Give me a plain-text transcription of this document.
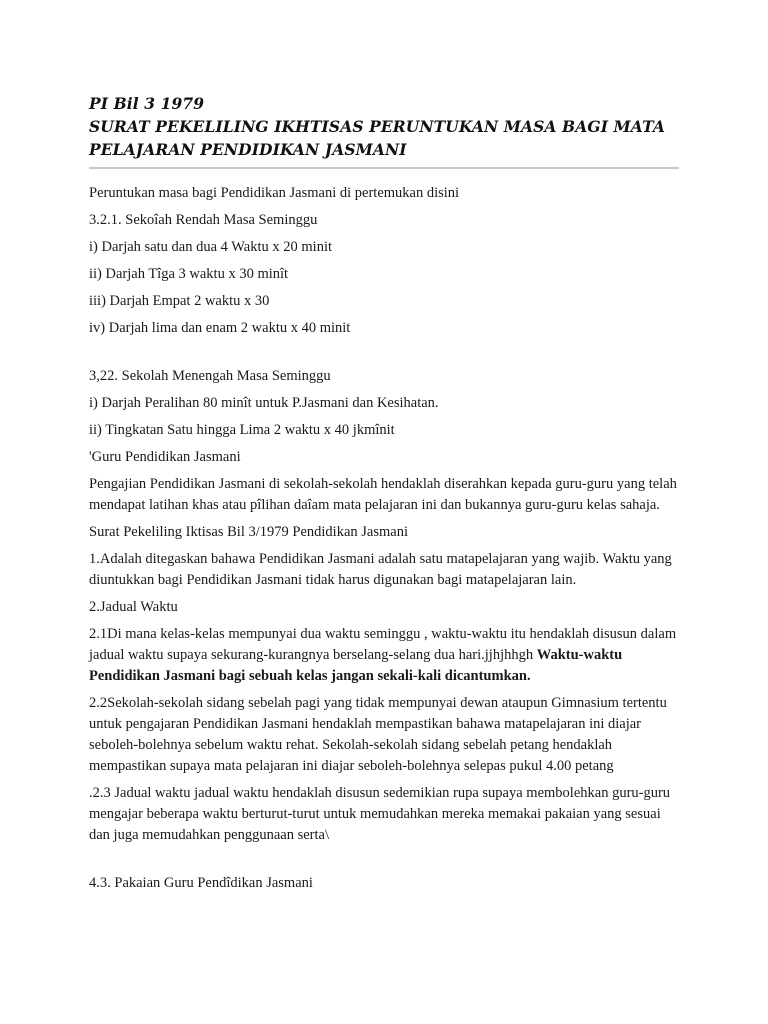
PI Bil 3 1979
SURAT PEKELILING IKHTISAS PERUNTUKAN MASA BAGI MATA
PELAJARAN PENDIDIKAN JASMANI

Peruntukan masa bagi Pendidikan Jasmani di pertemukan disini

3.2.1. Sekoîah Rendah Masa Seminggu

i) Darjah satu dan dua 4 Waktu x 20 minit

ii) Darjah Tîga 3 waktu x 30 minît

iii) Darjah Empat 2 waktu x 30

iv) Darjah lima dan enam 2 waktu x 40 minit

3,22. Sekolah Menengah Masa Seminggu

i) Darjah Peralihan 80 minît untuk P.Jasmani dan Kesihatan.

ii) Tingkatan Satu hingga Lima 2 waktu x 40 jkmînit

'Guru Pendidikan Jasmani

Pengajian Pendidikan Jasmani di sekolah-sekolah hendaklah diserahkan kepada guru-guru yang telah mendapat latihan khas atau pîlihan daîam mata pelajaran ini dan bukannya guru-guru kelas sahaja.

Surat Pekeliling Iktisas Bil 3/1979 Pendidikan Jasmani

1.Adalah ditegaskan bahawa Pendidikan Jasmani adalah satu matapelajaran yang wajib. Waktu yang diuntukkan bagi Pendidikan Jasmani tidak harus digunakan bagi matapelajaran lain.

2.Jadual Waktu

2.1Di mana kelas-kelas mempunyai dua waktu seminggu , waktu-waktu itu hendaklah disusun dalam jadual waktu supaya sekurang-kurangnya berselang-selang dua hari.jjhjhhgh Waktu-waktu Pendidikan Jasmani bagi sebuah kelas jangan sekali-kali dicantumkan.

2.2Sekolah-sekolah sidang sebelah pagi yang tidak mempunyai dewan ataupun Gimnasium tertentu untuk pengajaran Pendidikan Jasmani hendaklah mempastikan bahawa matapelajaran ini diajar seboleh-bolehnya sebelum waktu rehat. Sekolah-sekolah sidang sebelah petang hendaklah mempastikan supaya mata pelajaran ini diajar seboleh-bolehnya selepas pukul 4.00 petang

.2.3 Jadual waktu jadual waktu hendaklah disusun sedemikian rupa supaya membolehkan guru-guru mengajar beberapa waktu berturut-turut untuk memudahkan mereka memakai pakaian yang sesuai dan juga memudahkan penggunaan serta\

4.3. Pakaian Guru Pendîdikan Jasmani
